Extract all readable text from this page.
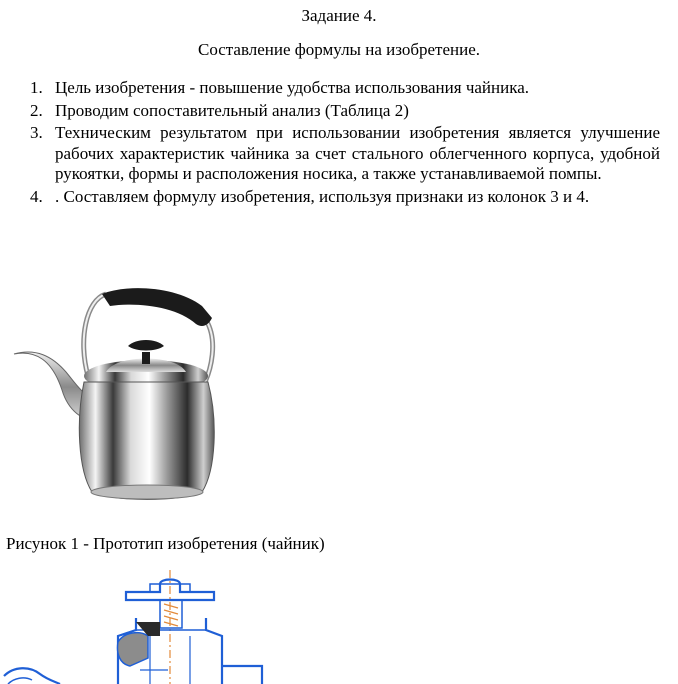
Задание 4.
Составление формулы на изобретение.
1. Цель изобретения - повышение удобства использования чайника.
2. Проводим сопоставительный анализ (Таблица 2)
3. Техническим результатом при использовании изобретения является улучшение рабочих характеристик чайника за счет стального облегченного корпуса, удобной рукоятки, формы и расположения носика, а также устанавливаемой помпы.
4. . Составляем формулу изобретения, используя признаки из колонок 3 и 4.
Рисунок 1 - Прототип изобретения (чайник)
